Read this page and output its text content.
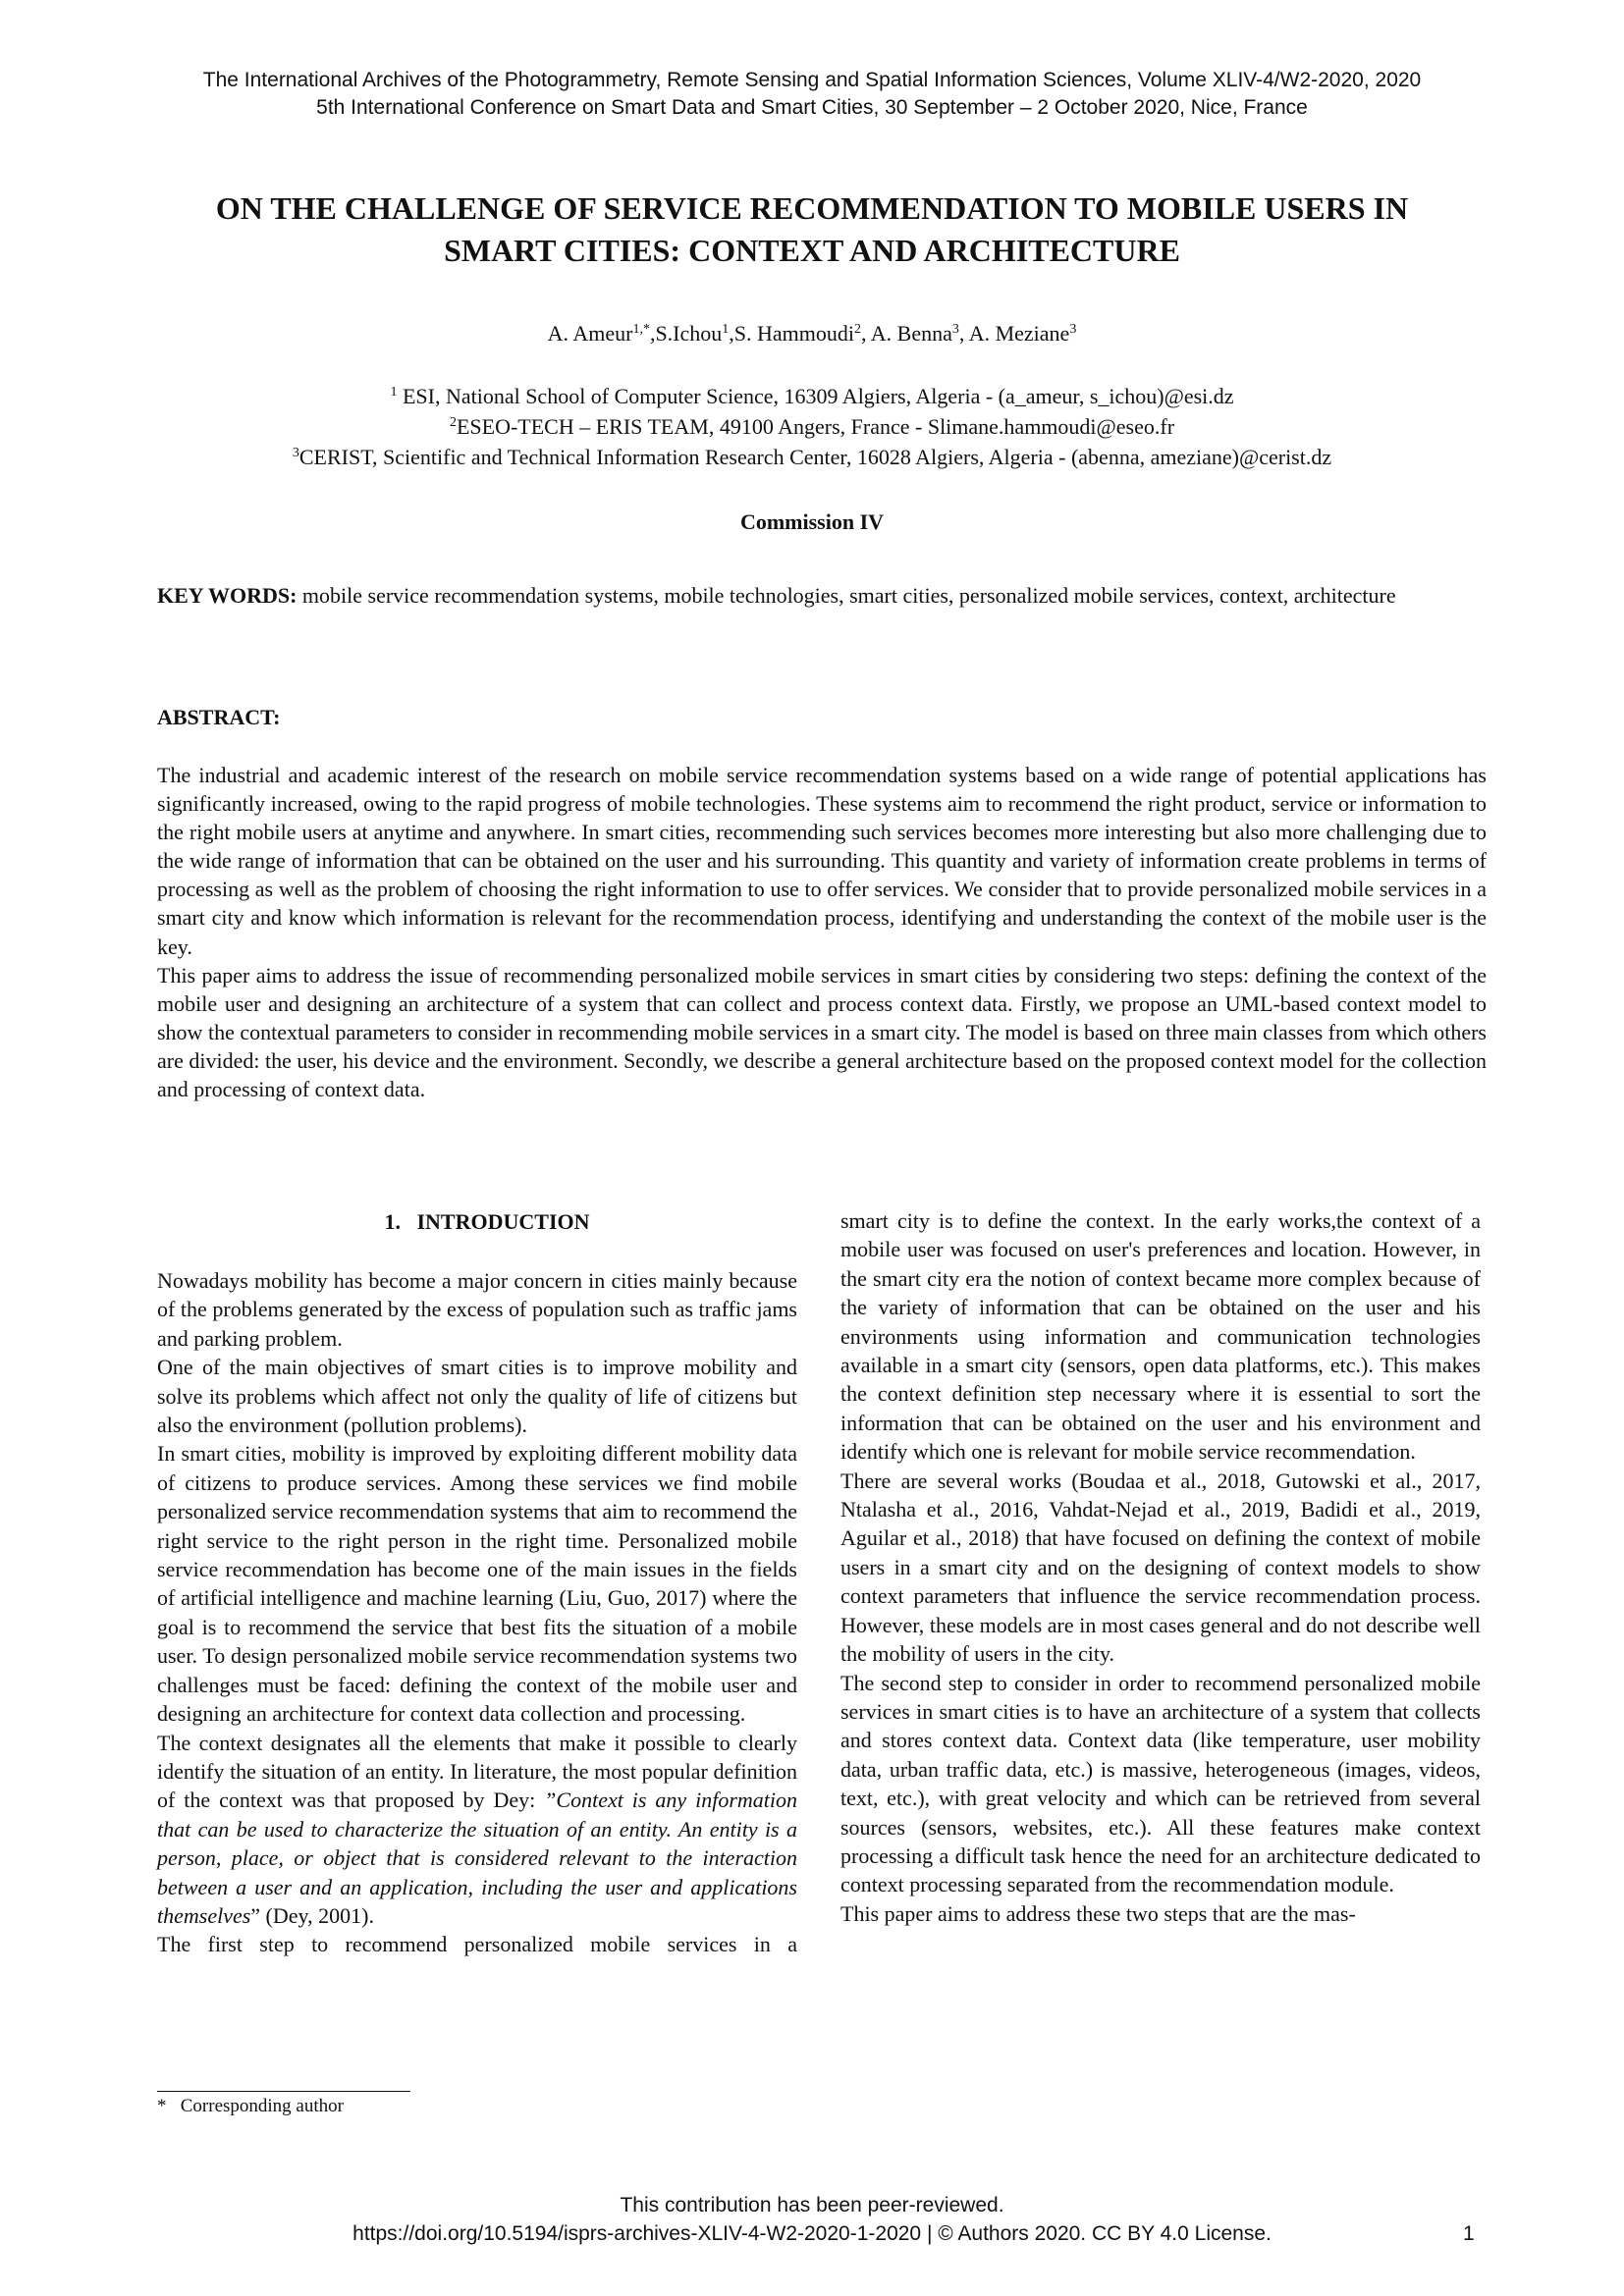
The International Archives of the Photogrammetry, Remote Sensing and Spatial Information Sciences, Volume XLIV-4/W2-2020, 2020
5th International Conference on Smart Data and Smart Cities, 30 September – 2 October 2020, Nice, France
ON THE CHALLENGE OF SERVICE RECOMMENDATION TO MOBILE USERS IN
SMART CITIES: CONTEXT AND ARCHITECTURE
A. Ameur$^{1,*}$,S.Ichou$^1$,S. Hammoudi$^2$, A. Benna$^3$, A. Meziane$^3$
$^1$ ESI, National School of Computer Science, 16309 Algiers, Algeria - (a_ameur, s_ichou)@esi.dz
$^2$ESEO-TECH – ERIS TEAM, 49100 Angers, France - Slimane.hammoudi@eseo.fr
$^3$CERIST, Scientific and Technical Information Research Center, 16028 Algiers, Algeria - (abenna, ameziane)@cerist.dz
Commission IV
KEY WORDS: mobile service recommendation systems, mobile technologies, smart cities, personalized mobile services, context, architecture
ABSTRACT:

The industrial and academic interest of the research on mobile service recommendation systems based on a wide range of potential applications has significantly increased, owing to the rapid progress of mobile technologies. These systems aim to recommend the right product, service or information to the right mobile users at anytime and anywhere. In smart cities, recommending such services becomes more interesting but also more challenging due to the wide range of information that can be obtained on the user and his surrounding. This quantity and variety of information create problems in terms of processing as well as the problem of choosing the right information to use to offer services. We consider that to provide personalized mobile services in a smart city and know which information is relevant for the recommendation process, identifying and understanding the context of the mobile user is the key.

This paper aims to address the issue of recommending personalized mobile services in smart cities by considering two steps: defining the context of the mobile user and designing an architecture of a system that can collect and process context data. Firstly, we propose an UML-based context model to show the contextual parameters to consider in recommending mobile services in a smart city. The model is based on three main classes from which others are divided: the user, his device and the environment. Secondly, we describe a general architecture based on the proposed context model for the collection and processing of context data.

1.   INTRODUCTION

Nowadays mobility has become a major concern in cities mainly because of the problems generated by the excess of population such as traffic jams and parking problem.

One of the main objectives of smart cities is to improve mobility and solve its problems which affect not only the quality of life of citizens but also the environment (pollution problems).

In smart cities, mobility is improved by exploiting different mobility data of citizens to produce services. Among these services we find mobile personalized service recommendation systems that aim to recommend the right service to the right person in the right time. Personalized mobile service recommendation has become one of the main issues in the fields of artificial intelligence and machine learning (Liu, Guo, 2017) where the goal is to recommend the service that best fits the situation of a mobile user. To design personalized mobile service recommendation systems two challenges must be faced: defining the context of the mobile user and designing an architecture for context data collection and processing.

The context designates all the elements that make it possible to clearly identify the situation of an entity. In literature, the most popular definition of the context was that proposed by Dey: ”Context is any information that can be used to characterize the situation of an entity. An entity is a person, place, or object that is considered relevant to the interaction between a user and an application, including the user and applications themselves” (Dey, 2001).

The first step to recommend personalized mobile services in a

smart city is to define the context. In the early works,the context of a mobile user was focused on user's preferences and location. However, in the smart city era the notion of context became more complex because of the variety of information that can be obtained on the user and his environments using information and communication technologies available in a smart city (sensors, open data platforms, etc.). This makes the context definition step necessary where it is essential to sort the information that can be obtained on the user and his environment and identify which one is relevant for mobile service recommendation.

There are several works (Boudaa et al., 2018, Gutowski et al., 2017, Ntalasha et al., 2016, Vahdat-Nejad et al., 2019, Badidi et al., 2019, Aguilar et al., 2018) that have focused on defining the context of mobile users in a smart city and on the designing of context models to show context parameters that influence the service recommendation process. However, these models are in most cases general and do not describe well the mobility of users in the city.

The second step to consider in order to recommend personalized mobile services in smart cities is to have an architecture of a system that collects and stores context data. Context data (like temperature, user mobility data, urban traffic data, etc.) is massive, heterogeneous (images, videos, text, etc.), with great velocity and which can be retrieved from several sources (sensors, websites, etc.). All these features make context processing a difficult task hence the need for an architecture dedicated to context processing separated from the recommendation module.

This paper aims to address these two steps that are the mas-

*   Corresponding author
This contribution has been peer-reviewed.
https://doi.org/10.5194/isprs-archives-XLIV-4-W2-2020-1-2020 | © Authors 2020. CC BY 4.0 License.	1
